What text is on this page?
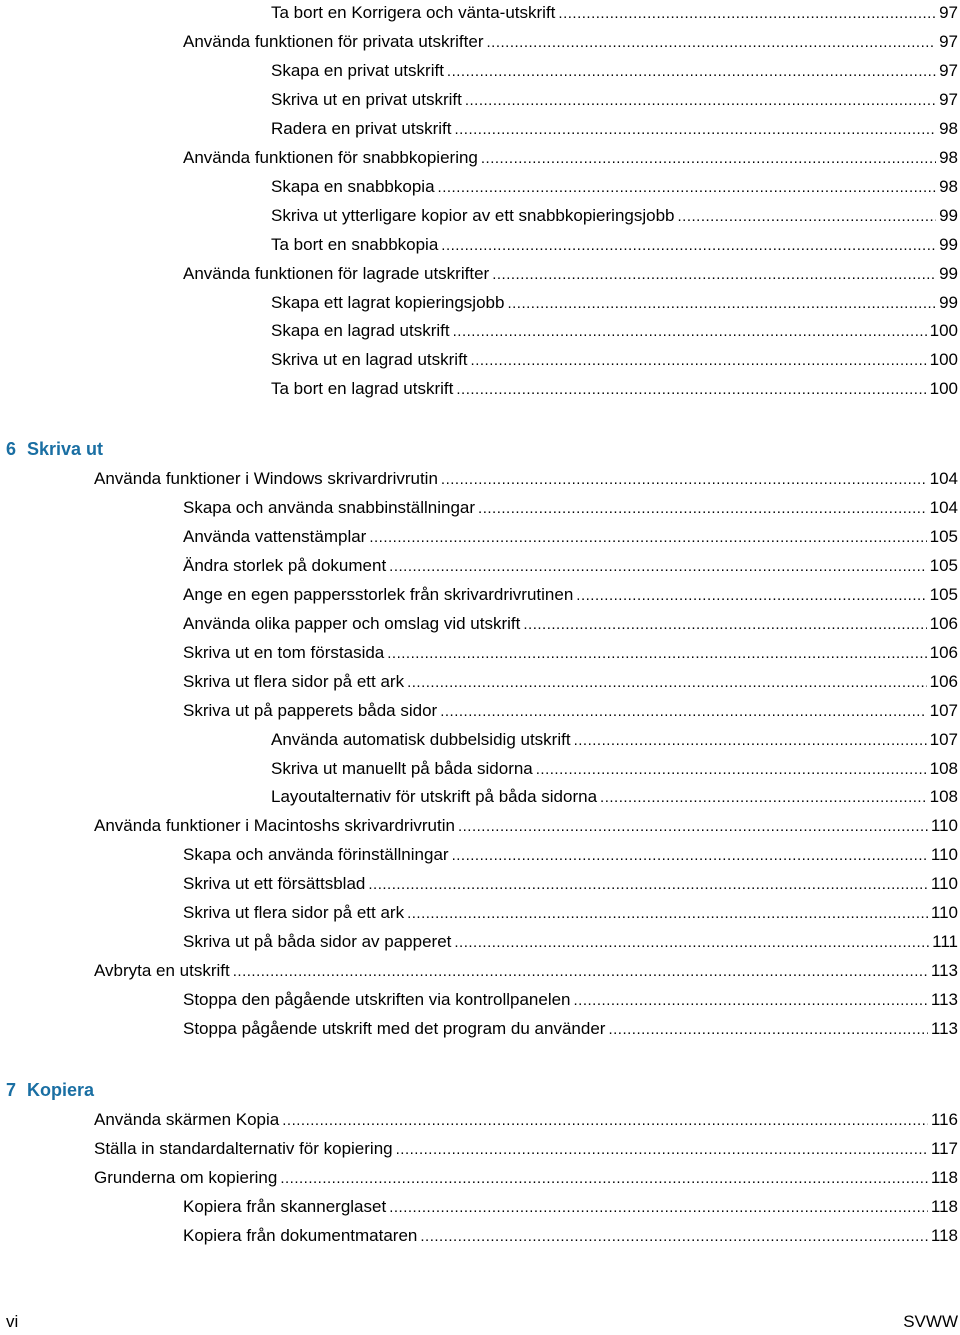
Ta bort en Korrigera och vänta-utskrift .....	97
Använda funktionen för privata utskrifter .....	97
Skapa en privat utskrift .....	97
Skriva ut en privat utskrift .....	97
Radera en privat utskrift .....	98
Använda funktionen för snabbkopiering .....	98
Skapa en snabbkopia .....	98
Skriva ut ytterligare kopior av ett snabbkopieringsjobb .....	99
Ta bort en snabbkopia .....	99
Använda funktionen för lagrade utskrifter .....	99
Skapa ett lagrat kopieringsjobb .....	99
Skapa en lagrad utskrift .....	100
Skriva ut en lagrad utskrift .....	100
Ta bort en lagrad utskrift .....	100
6 Skriva ut
Använda funktioner i Windows skrivardrivrutin .....	104
Skapa och använda snabbinställningar .....	104
Använda vattenstämplar .....	105
Ändra storlek på dokument .....	105
Ange en egen pappersstorlek från skrivardrivrutinen .....	105
Använda olika papper och omslag vid utskrift .....	106
Skriva ut en tom förstasida .....	106
Skriva ut flera sidor på ett ark .....	106
Skriva ut på papperets båda sidor .....	107
Använda automatisk dubbelsidig utskrift .....	107
Skriva ut manuellt på båda sidorna .....	108
Layoutalternativ för utskrift på båda sidorna .....	108
Använda funktioner i Macintoshs skrivardrivrutin .....	110
Skapa och använda förinställningar .....	110
Skriva ut ett försättsblad .....	110
Skriva ut flera sidor på ett ark .....	110
Skriva ut på båda sidor av papperet .....	111
Avbryta en utskrift .....	113
Stoppa den pågående utskriften via kontrollpanelen .....	113
Stoppa pågående utskrift med det program du använder .....	113
7 Kopiera
Använda skärmen Kopia .....	116
Ställa in standardalternativ för kopiering .....	117
Grunderna om kopiering .....	118
Kopiera från skannerglaset .....	118
Kopiera från dokumentmataren .....	118
vi	SVWW
